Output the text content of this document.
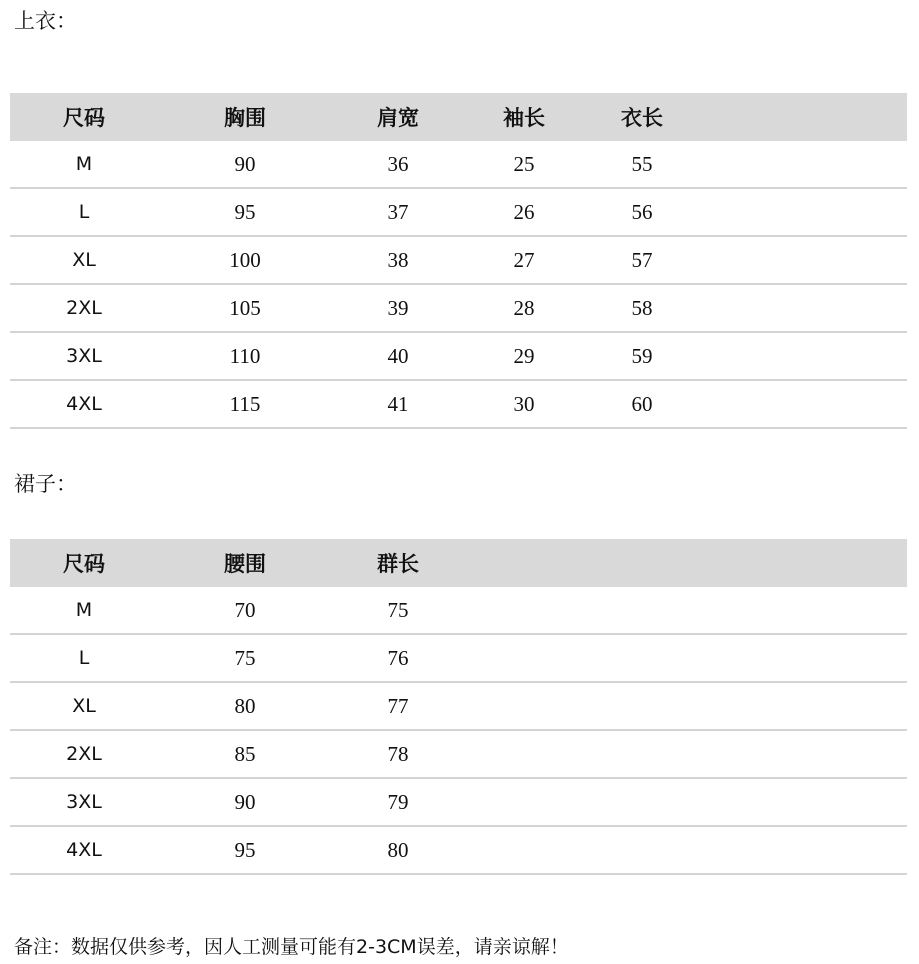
上衣：
尺码	胸围	肩宽	袖长	衣长
M	90	36	25	55
L	95	37	26	56
XL	100	38	27	57
2XL	105	39	28	58
3XL	110	40	29	59
4XL	115	41	30	60
裙子：
尺码	腰围	群长
M	70	75
L	75	76
XL	80	77
2XL	85	78
3XL	90	79
4XL	95	80
备注：数据仅供参考，因人工测量可能有2-3CM误差，请亲谅解！
